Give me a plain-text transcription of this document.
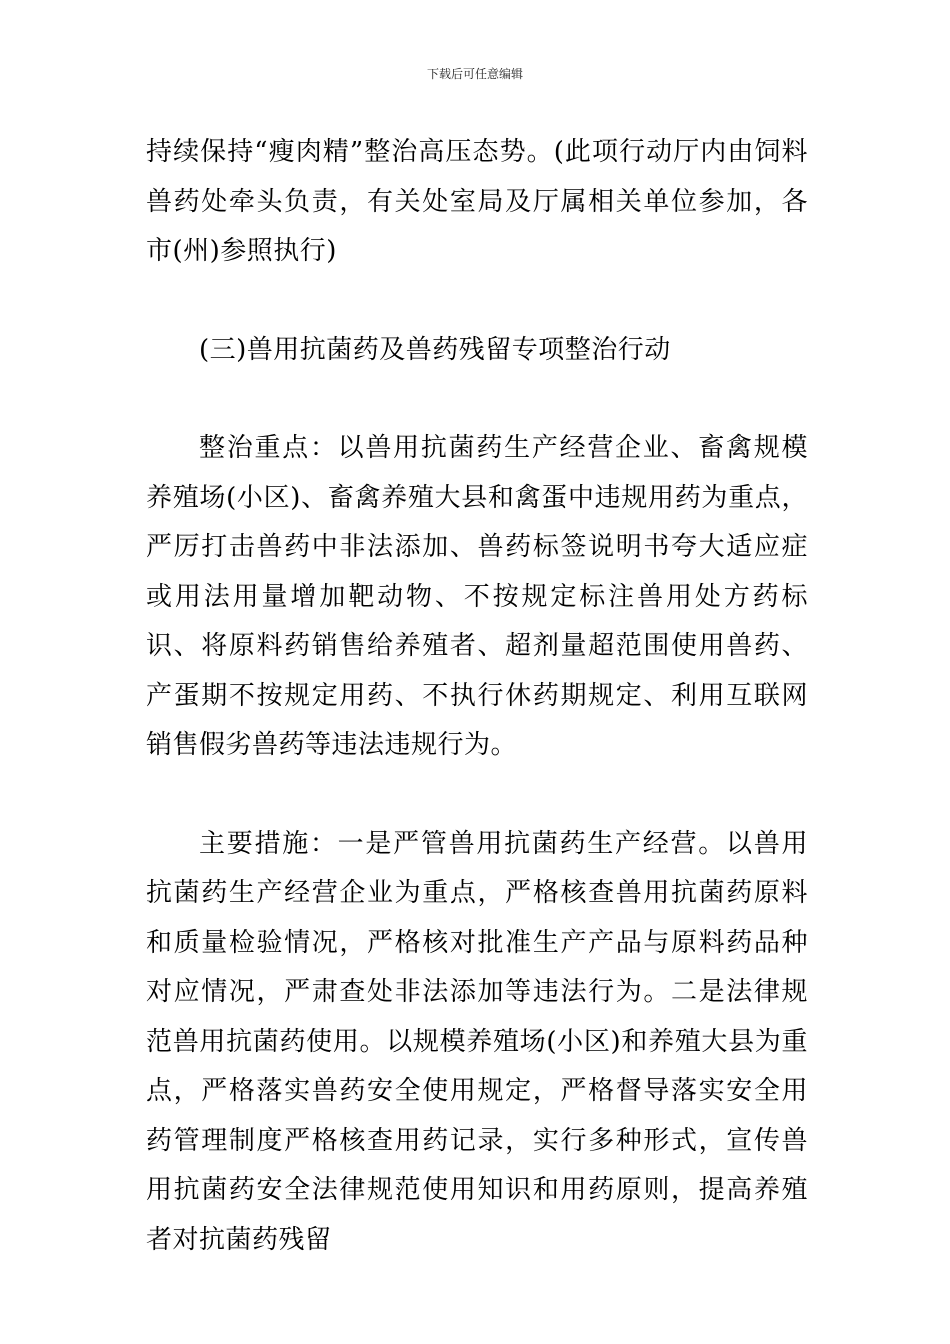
下载后可任意编辑

持续保持“瘦肉精”整治高压态势。(此项行动厅内由饲料兽药处牵头负责，有关处室局及厅属相关单位参加，各市(州)参照执行)

(三)兽用抗菌药及兽药残留专项整治行动

整治重点：以兽用抗菌药生产经营企业、畜禽规模养殖场(小区)、畜禽养殖大县和禽蛋中违规用药为重点，严厉打击兽药中非法添加、兽药标签说明书夸大适应症或用法用量增加靶动物、不按规定标注兽用处方药标识、将原料药销售给养殖者、超剂量超范围使用兽药、产蛋期不按规定用药、不执行休药期规定、利用互联网销售假劣兽药等违法违规行为。

主要措施：一是严管兽用抗菌药生产经营。以兽用抗菌药生产经营企业为重点，严格核查兽用抗菌药原料和质量检验情况，严格核对批准生产产品与原料药品种对应情况，严肃查处非法添加等违法行为。二是法律规范兽用抗菌药使用。以规模养殖场(小区)和养殖大县为重点，严格落实兽药安全使用规定，严格督导落实安全用药管理制度严格核查用药记录，实行多种形式，宣传兽用抗菌药安全法律规范使用知识和用药原则，提高养殖者对抗菌药残留
